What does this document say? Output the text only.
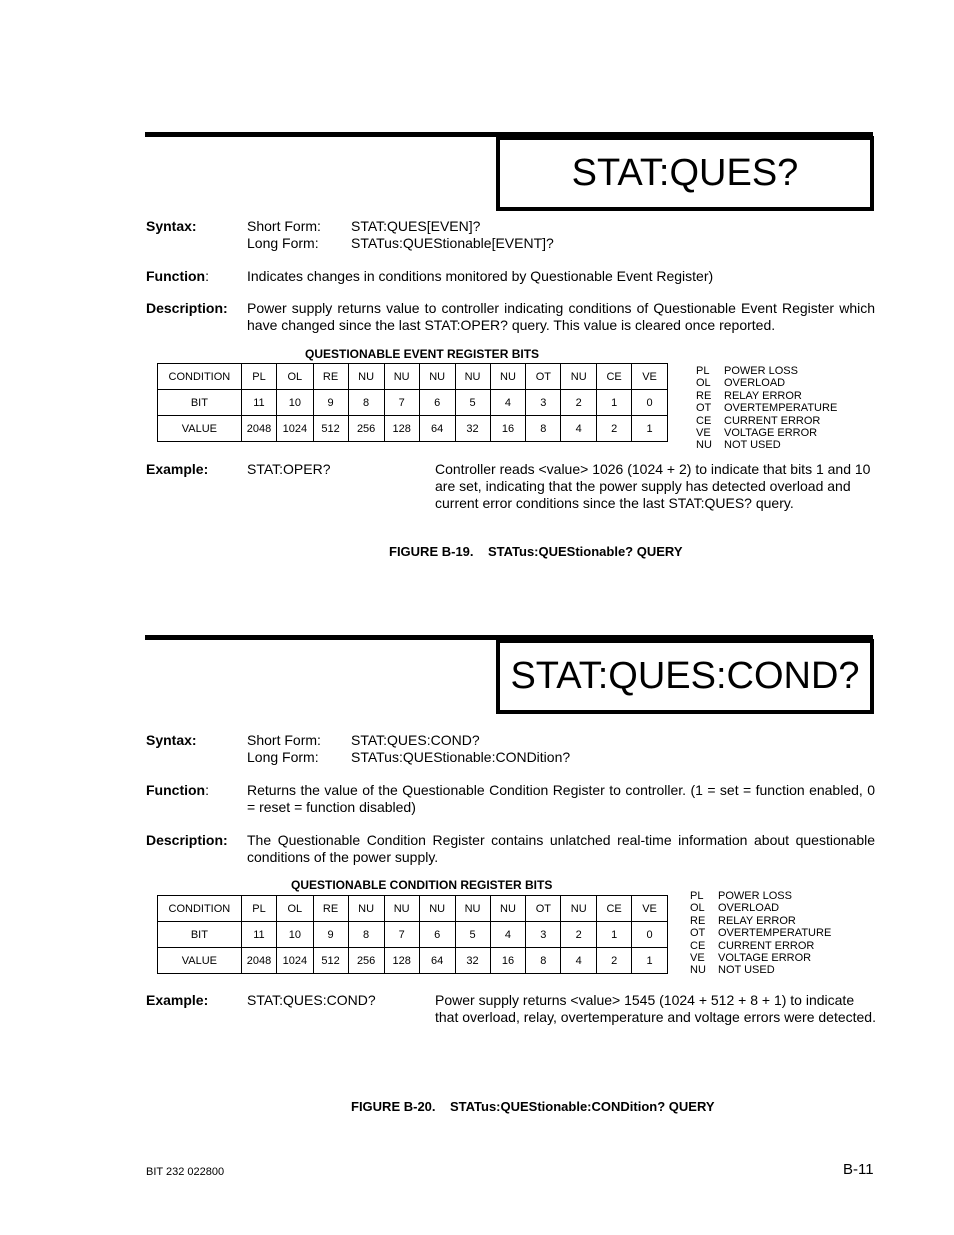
STAT:QUES?
Syntax:	Short Form: STAT:QUES[EVEN]?
Long Form: STATus:QUEStionable[EVENT]?
Function:	Indicates changes in conditions monitored by Questionable Event Register)
Description: Power supply returns value to controller indicating conditions of Questionable Event Register which have changed since the last STAT:OPER? query. This value is cleared once reported.
QUESTIONABLE EVENT REGISTER BITS
CONDITION	PL	OL	RE	NU	NU	NU	NU	NU	OT	NU	CE	VE
BIT	11	10	9	8	7	6	5	4	3	2	1	0
VALUE	2048	1024	512	256	128	64	32	16	8	4	2	1
PL POWER LOSS
OL OVERLOAD
RE RELAY ERROR
OT OVERTEMPERATURE
CE CURRENT ERROR
VE VOLTAGE ERROR
NU NOT USED
Example:	STAT:OPER?	Controller reads <value> 1026 (1024 + 2) to indicate that bits 1 and 10 are set, indicating that the power supply has detected overload and current error conditions since the last STAT:QUES? query.
FIGURE B-19.    STATus:QUEStionable? QUERY
STAT:QUES:COND?
Syntax:	Short Form: STAT:QUES:COND?
Long Form: STATus:QUEStionable:CONDition?
Function:	Returns the value of the Questionable Condition Register to controller. (1 = set = function enabled, 0 = reset = function disabled)
Description: The Questionable Condition Register contains unlatched real-time information about questionable conditions of the power supply.
QUESTIONABLE CONDITION REGISTER BITS
CONDITION	PL	OL	RE	NU	NU	NU	NU	NU	OT	NU	CE	VE
BIT	11	10	9	8	7	6	5	4	3	2	1	0
VALUE	2048	1024	512	256	128	64	32	16	8	4	2	1
PL POWER LOSS
OL OVERLOAD
RE RELAY ERROR
OT OVERTEMPERATURE
CE CURRENT ERROR
VE VOLTAGE ERROR
NU NOT USED
Example:	STAT:QUES:COND?	Power supply returns <value> 1545 (1024 + 512 + 8 + 1) to indicate that overload, relay, overtemperature and voltage errors were detected.
FIGURE B-20.    STATus:QUEStionable:CONDition? QUERY
BIT 232 022800	B-11
